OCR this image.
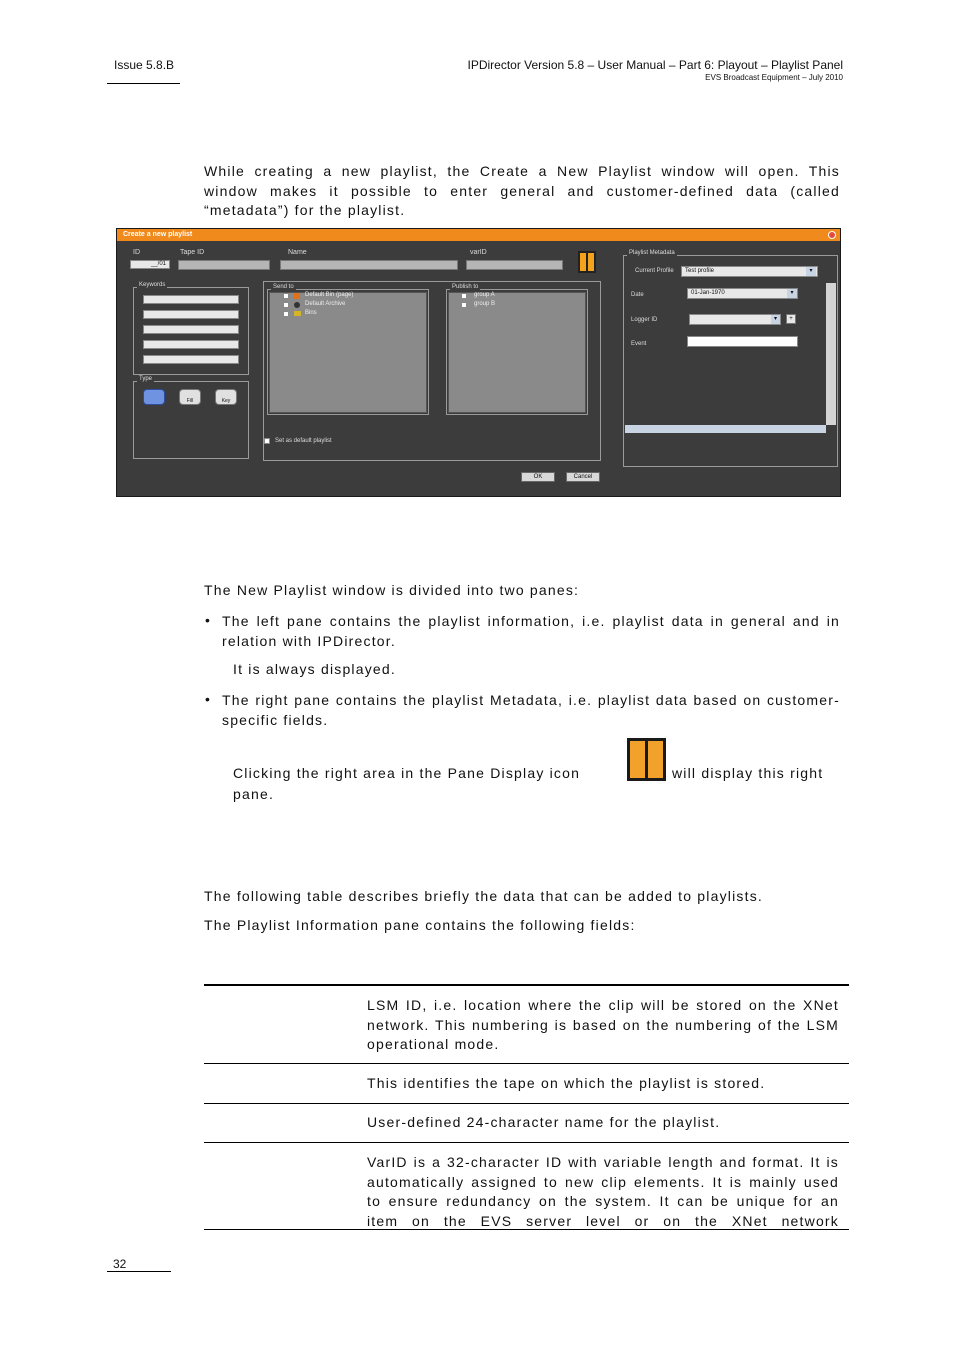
Issue 5.8.B	IPDirector Version 5.8 – User Manual – Part 6: Playout – Playlist Panel
EVS Broadcast Equipment – July 2010
While creating a new playlist, the Create a New Playlist window will open. This window makes it possible to enter general and customer-defined data (called “metadata”) for the playlist.
Create a new playlist
ID
__/01
Tape ID	Name	varID
Keywords
Type
Fill	Key
Send to
Default Bin (page)
Default Archive
Bins
Publish to
group A
group B
Set as default playlist
Playlist Metadata
Current Profile	Test profile	▾
Date	01-Jan-1970	▾
Logger ID	▾	+
Event
OK	Cancel
The New Playlist window is divided into two panes:
• The left pane contains the playlist information, i.e. playlist data in general and in relation with IPDirector.
It is always displayed.
• The right pane contains the playlist Metadata, i.e. playlist data based on customer-specific fields.
Clicking the right area in the Pane Display icon	will display this right
pane.
The following table describes briefly the data that can be added to playlists.
The Playlist Information pane contains the following fields:
LSM ID, i.e. location where the clip will be stored on the XNet network. This numbering is based on the numbering of the LSM operational mode.
This identifies the tape on which the playlist is stored.
User-defined 24-character name for the playlist.
VarID is a 32-character ID with variable length and format. It is automatically assigned to new clip elements. It is mainly used to ensure redundancy on the system. It can be unique for an item on the EVS server level or on the XNet network
32
